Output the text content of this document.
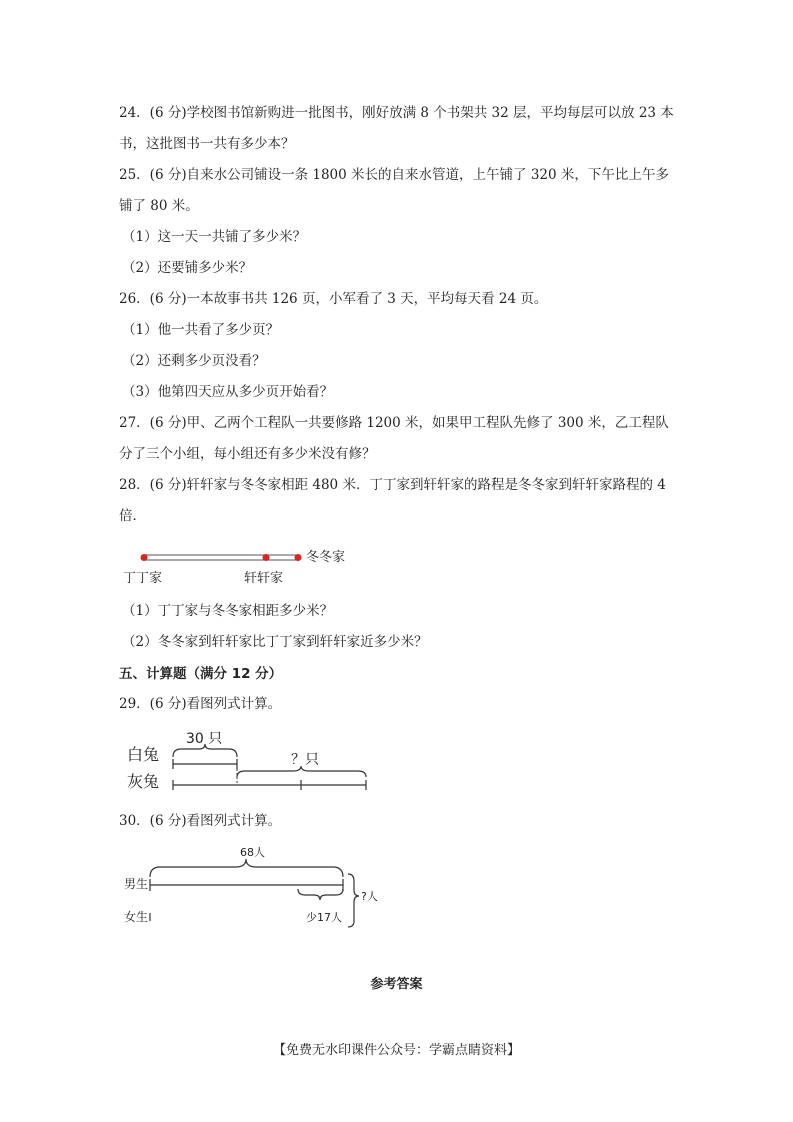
24．(6 分)学校图书馆新购进一批图书，刚好放满 8 个书架共 32 层，平均每层可以放 23 本
书，这批图书一共有多少本？
25．(6 分)自来水公司铺设一条 1800 米长的自来水管道，上午铺了 320 米，下午比上午多
铺了 80 米。
（1）这一天一共铺了多少米？
（2）还要铺多少米？
26．(6 分)一本故事书共 126 页，小军看了 3 天，平均每天看 24 页。
（1）他一共看了多少页？
（2）还剩多少页没看？
（3）他第四天应从多少页开始看？
27．(6 分)甲、乙两个工程队一共要修路 1200 米，如果甲工程队先修了 300 米，乙工程队
分了三个小组，每小组还有多少米没有修？
28．(6 分)轩轩家与冬冬家相距 480 米．丁丁家到轩轩家的路程是冬冬家到轩轩家路程的 4
倍．
冬冬家
丁丁家	轩轩家
（1）丁丁家与冬冬家相距多少米？
（2）冬冬家到轩轩家比丁丁家到轩轩家近多少米？
五、计算题（满分 12 分）
29．(6 分)看图列式计算。
白兔
灰兔
30 只
？只
30．(6 分)看图列式计算。
68人
男生
女生	少17人
?人
参考答案
【免费无水印课件公众号：学霸点睛资料】
